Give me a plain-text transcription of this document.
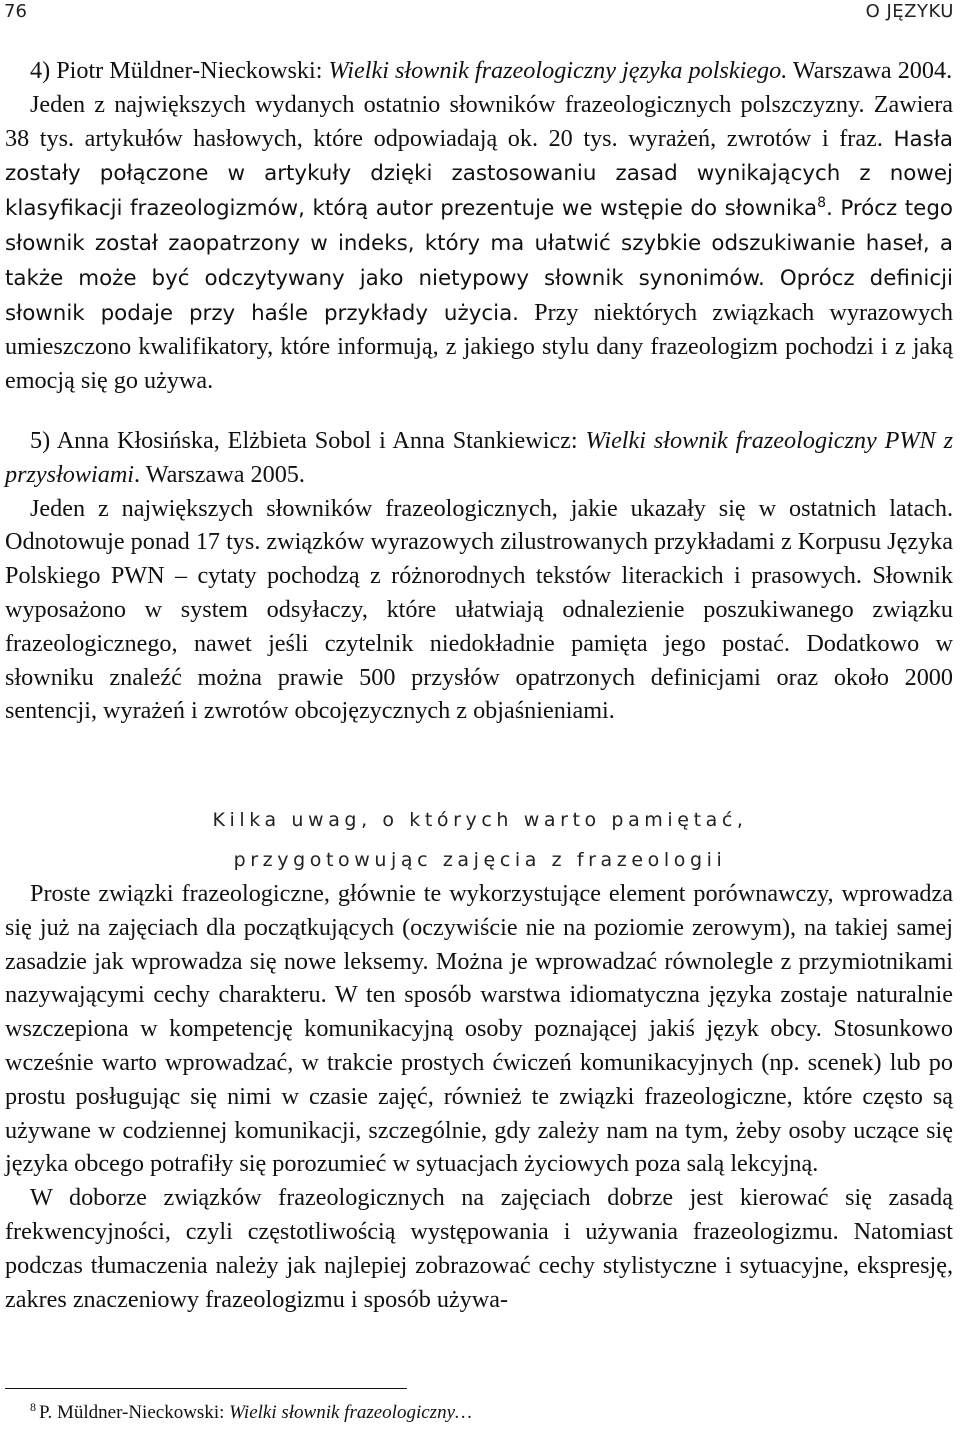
76	O JĘZYKU

4) Piotr Müldner-Nieckowski: Wielki słownik frazeologiczny języka polskiego. Warszawa 2004.

Jeden z największych wydanych ostatnio słowników frazeologicznych polszczyzny. Zawiera 38 tys. artykułów hasłowych, które odpowiadają ok. 20 tys. wyrażeń, zwrotów i fraz. Hasła zostały połączone w artykuły dzięki zastosowaniu zasad wynikających z nowej klasyfikacji frazeologizmów, którą autor prezentuje we wstępie do słownika$^8$. Prócz tego słownik został zaopatrzony w indeks, który ma ułatwić szybkie odszukiwanie haseł, a także może być odczytywany jako nietypowy słownik synonimów. Oprócz definicji słownik podaje przy haśle przykłady użycia. Przy niektórych związkach wyrazowych umieszczono kwalifikatory, które informują, z jakiego stylu dany frazeologizm pochodzi i z jaką emocją się go używa.

5) Anna Kłosińska, Elżbieta Sobol i Anna Stankiewicz: Wielki słownik frazeologiczny PWN z przysłowiami. Warszawa 2005.

Jeden z największych słowników frazeologicznych, jakie ukazały się w ostatnich latach. Odnotowuje ponad 17 tys. związków wyrazowych zilustrowanych przykładami z Korpusu Języka Polskiego PWN – cytaty pochodzą z różnorodnych tekstów literackich i prasowych. Słownik wyposażono w system odsyłaczy, które ułatwiają odnalezienie poszukiwanego związku frazeologicznego, nawet jeśli czytelnik niedokładnie pamięta jego postać. Dodatkowo w słowniku znaleźć można prawie 500 przysłów opatrzonych definicjami oraz około 2000 sentencji, wyrażeń i zwrotów obcojęzycznych z objaśnieniami.

Kilka uwag, o których warto pamiętać,
przygotowując zajęcia z frazeologii

Proste związki frazeologiczne, głównie te wykorzystujące element porównawczy, wprowadza się już na zajęciach dla początkujących (oczywiście nie na poziomie zerowym), na takiej samej zasadzie jak wprowadza się nowe leksemy. Można je wprowadzać równolegle z przymiotnikami nazywającymi cechy charakteru. W ten sposób warstwa idiomatyczna języka zostaje naturalnie wszczepiona w kompetencję komunikacyjną osoby poznającej jakiś język obcy. Stosunkowo wcześnie warto wprowadzać, w trakcie prostych ćwiczeń komunikacyjnych (np. scenek) lub po prostu posługując się nimi w czasie zajęć, również te związki frazeologiczne, które często są używane w codziennej komunikacji, szczególnie, gdy zależy nam na tym, żeby osoby uczące się języka obcego potrafiły się porozumieć w sytuacjach życiowych poza salą lekcyjną.

W doborze związków frazeologicznych na zajęciach dobrze jest kierować się zasadą frekwencyjności, czyli częstotliwością występowania i używania frazeologizmu. Natomiast podczas tłumaczenia należy jak najlepiej zobrazować cechy stylistyczne i sytuacyjne, ekspresję, zakres znaczeniowy frazeologizmu i sposób używa-

$^8$ P. Müldner-Nieckowski: Wielki słownik frazeologiczny…
